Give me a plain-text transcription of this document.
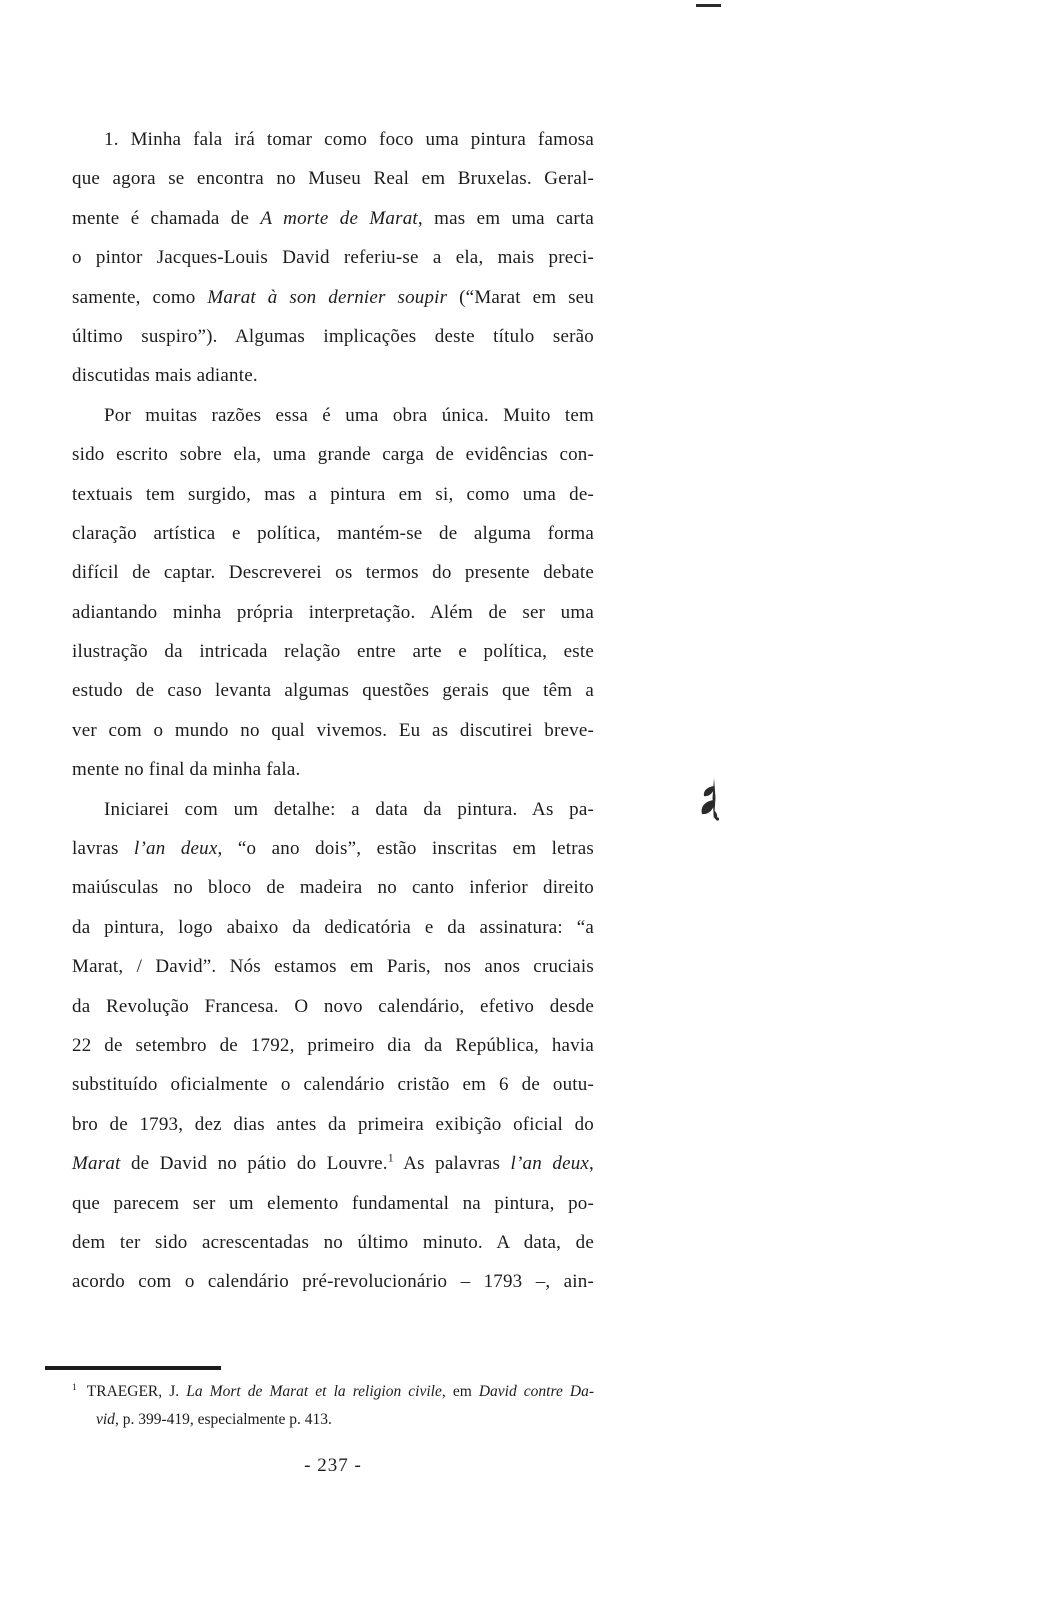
1. Minha fala irá tomar como foco uma pintura famosa
que agora se encontra no Museu Real em Bruxelas. Geral-
mente é chamada de A morte de Marat, mas em uma carta
o pintor Jacques-Louis David referiu-se a ela, mais preci-
samente, como Marat à son dernier soupir (“Marat em seu
último suspiro”). Algumas implicações deste título serão
discutidas mais adiante.
Por muitas razões essa é uma obra única. Muito tem
sido escrito sobre ela, uma grande carga de evidências con-
textuais tem surgido, mas a pintura em si, como uma de-
claração artística e política, mantém-se de alguma forma
difícil de captar. Descreverei os termos do presente debate
adiantando minha própria interpretação. Além de ser uma
ilustração da intricada relação entre arte e política, este
estudo de caso levanta algumas questões gerais que têm a
ver com o mundo no qual vivemos. Eu as discutirei breve-
mente no final da minha fala.
Iniciarei com um detalhe: a data da pintura. As pa-
lavras l’an deux, “o ano dois”, estão inscritas em letras
maiúsculas no bloco de madeira no canto inferior direito
da pintura, logo abaixo da dedicatória e da assinatura: “a
Marat, / David”. Nós estamos em Paris, nos anos cruciais
da Revolução Francesa. O novo calendário, efetivo desde
22 de setembro de 1792, primeiro dia da República, havia
substituído oficialmente o calendário cristão em 6 de outu-
bro de 1793, dez dias antes da primeira exibição oficial do
Marat de David no pátio do Louvre.$^1$ As palavras l’an deux,
que parecem ser um elemento fundamental na pintura, po-
dem ter sido acrescentadas no último minuto. A data, de
acordo com o calendário pré-revolucionário – 1793 –, ain-
$^1$ TRAEGER, J. La Mort de Marat et la religion civile, em David contre Da-
vid, p. 399-419, especialmente p. 413.
- 237 -
